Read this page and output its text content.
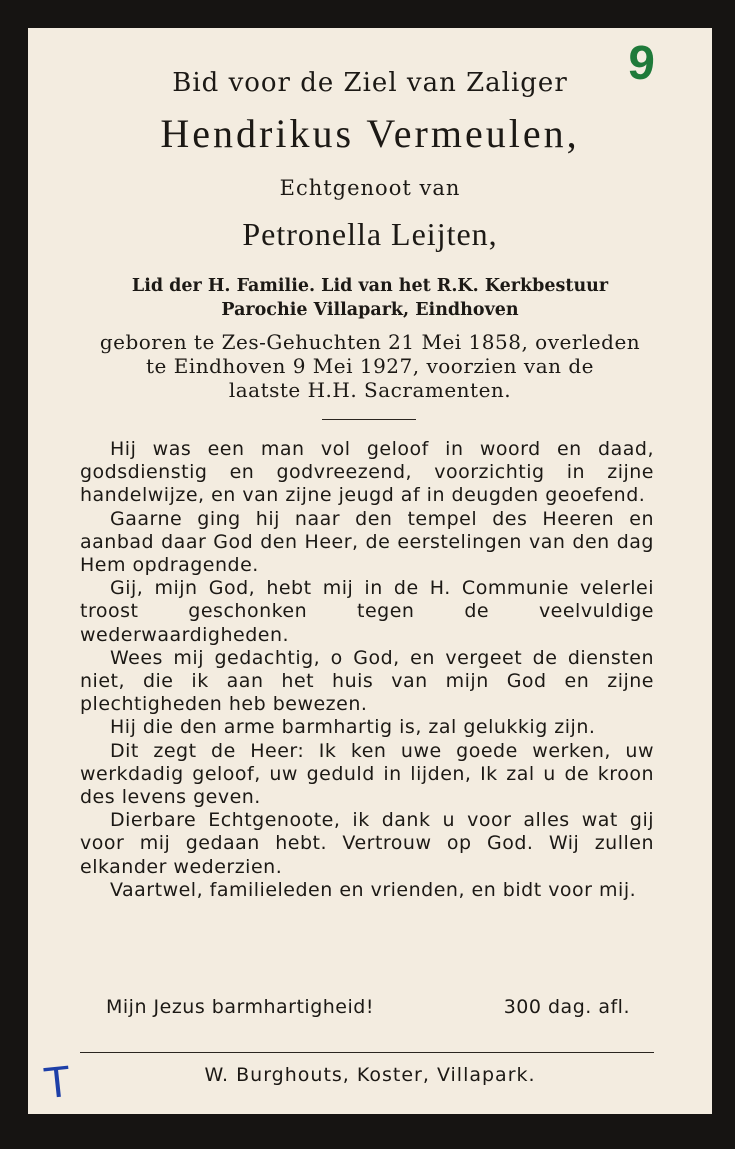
9
Bid voor de Ziel van Zaliger
Hendrikus Vermeulen,
Echtgenoot van
Petronella Leijten,
Lid der H. Familie. Lid van het R.K. Kerkbestuur
Parochie Villapark, Eindhoven
geboren te Zes-Gehuchten 21 Mei 1858, overleden
te Eindhoven 9 Mei 1927, voorzien van de
laatste H.H. Sacramenten.

Hij was een man vol geloof in woord en daad, godsdienstig en godvreezend, voorzichtig in zijne handelwijze, en van zijne jeugd af in deugden geoefend.

Gaarne ging hij naar den tempel des Heeren en aanbad daar God den Heer, de eerstelingen van den dag Hem opdragende.

Gij, mijn God, hebt mij in de H. Communie velerlei troost geschonken tegen de veelvuldige wederwaardigheden.

Wees mij gedachtig, o God, en vergeet de diensten niet, die ik aan het huis van mijn God en zijne plechtigheden heb bewezen.

Hij die den arme barmhartig is, zal gelukkig zijn.

Dit zegt de Heer: Ik ken uwe goede werken, uw werkdadig geloof, uw geduld in lijden, Ik zal u de kroon des levens geven.

Dierbare Echtgenoote, ik dank u voor alles wat gij voor mij gedaan hebt. Vertrouw op God. Wij zullen elkander wederzien.

Vaartwel, familieleden en vrienden, en bidt voor mij.

Mijn Jezus barmhartigheid!	300 dag. afl.
W. Burghouts, Koster, Villapark.
T
